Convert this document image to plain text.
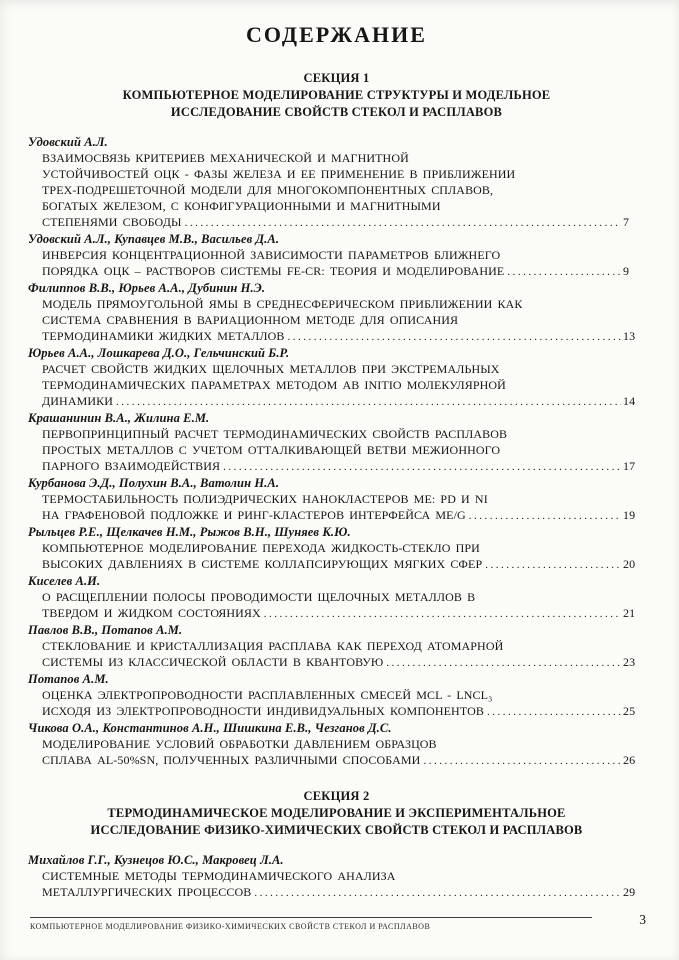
СОДЕРЖАНИЕ
СЕКЦИЯ 1
КОМПЬЮТЕРНОЕ МОДЕЛИРОВАНИЕ СТРУКТУРЫ И МОДЕЛЬНОЕ
ИССЛЕДОВАНИЕ СВОЙСТВ СТЕКОЛ И РАСПЛАВОВ
Удовский А.Л.
ВЗАИМОСВЯЗЬ КРИТЕРИЕВ МЕХАНИЧЕСКОЙ И МАГНИТНОЙ
УСТОЙЧИВОСТЕЙ ОЦК - ФАЗЫ ЖЕЛЕЗА И ЕЕ ПРИМЕНЕНИЕ В ПРИБЛИЖЕНИИ
ТРЕХ-ПОДРЕШЕТОЧНОЙ МОДЕЛИ ДЛЯ МНОГОКОМПОНЕНТНЫХ СПЛАВОВ,
БОГАТЫХ ЖЕЛЕЗОМ, С КОНФИГУРАЦИОННЫМИ И МАГНИТНЫМИ
СТЕПЕНЯМИ СВОБОДЫ .....	7
Удовский А.Л., Купавцев М.В., Васильев Д.А.
ИНВЕРСИЯ КОНЦЕНТРАЦИОННОЙ ЗАВИСИМОСТИ ПАРАМЕТРОВ БЛИЖНЕГО
ПОРЯДКА ОЦК – РАСТВОРОВ СИСТЕМЫ FE-CR: ТЕОРИЯ И МОДЕЛИРОВАНИЕ .....	9
Филиппов В.В., Юрьев А.А., Дубинин Н.Э.
МОДЕЛЬ ПРЯМОУГОЛЬНОЙ ЯМЫ В СРЕДНЕСФЕРИЧЕСКОМ ПРИБЛИЖЕНИИ КАК
СИСТЕМА СРАВНЕНИЯ В ВАРИАЦИОННОМ МЕТОДЕ ДЛЯ ОПИСАНИЯ
ТЕРМОДИНАМИКИ ЖИДКИХ МЕТАЛЛОВ .....	13
Юрьев А.А., Лошкарева Д.О., Гельчинский Б.Р.
РАСЧЕТ СВОЙСТВ ЖИДКИХ ЩЕЛОЧНЫХ МЕТАЛЛОВ ПРИ ЭКСТРЕМАЛЬНЫХ
ТЕРМОДИНАМИЧЕСКИХ ПАРАМЕТРАХ МЕТОДОМ AB INITIO МОЛЕКУЛЯРНОЙ
ДИНАМИКИ .....	14
Крашанинин В.А., Жилина Е.М.
ПЕРВОПРИНЦИПНЫЙ РАСЧЕТ ТЕРМОДИНАМИЧЕСКИХ СВОЙСТВ РАСПЛАВОВ
ПРОСТЫХ МЕТАЛЛОВ С УЧЕТОМ ОТТАЛКИВАЮЩЕЙ ВЕТВИ МЕЖИОННОГО
ПАРНОГО ВЗАИМОДЕЙСТВИЯ .....	17
Курбанова Э.Д., Полухин В.А., Ватолин Н.А.
ТЕРМОСТАБИЛЬНОСТЬ ПОЛИЭДРИЧЕСКИХ НАНОКЛАСТЕРОВ ME: PD И NI
НА ГРАФЕНОВОЙ ПОДЛОЖКЕ И РИНГ-КЛАСТЕРОВ ИНТЕРФЕЙСА ME/G .....	19
Рыльцев Р.Е., Щелкачев Н.М., Рыжов В.Н., Шуняев К.Ю.
КОМПЬЮТЕРНОЕ МОДЕЛИРОВАНИЕ ПЕРЕХОДА ЖИДКОСТЬ-СТЕКЛО ПРИ
ВЫСОКИХ ДАВЛЕНИЯХ В СИСТЕМЕ КОЛЛАПСИРУЮЩИХ МЯГКИХ СФЕР .....	20
Киселев А.И.
О РАСЩЕПЛЕНИИ ПОЛОСЫ ПРОВОДИМОСТИ ЩЕЛОЧНЫХ МЕТАЛЛОВ В
ТВЕРДОМ И ЖИДКОМ СОСТОЯНИЯХ .....	21
Павлов В.В., Потапов А.М.
СТЕКЛОВАНИЕ И КРИСТАЛЛИЗАЦИЯ РАСПЛАВА КАК ПЕРЕХОД АТОМАРНОЙ
СИСТЕМЫ ИЗ КЛАССИЧЕСКОЙ ОБЛАСТИ В КВАНТОВУЮ .....	23
Потапов А.М.
ОЦЕНКА ЭЛЕКТРОПРОВОДНОСТИ РАСПЛАВЛЕННЫХ СМЕСЕЙ MCL - LNCL₃
ИСХОДЯ ИЗ ЭЛЕКТРОПРОВОДНОСТИ ИНДИВИДУАЛЬНЫХ КОМПОНЕНТОВ .....	25
Чикова О.А., Константинов А.Н., Шишкина Е.В., Чезганов Д.С.
МОДЕЛИРОВАНИЕ УСЛОВИЙ ОБРАБОТКИ ДАВЛЕНИЕМ ОБРАЗЦОВ
СПЛАВА AL-50%SN, ПОЛУЧЕННЫХ РАЗЛИЧНЫМИ СПОСОБАМИ .....	26
СЕКЦИЯ 2
ТЕРМОДИНАМИЧЕСКОЕ МОДЕЛИРОВАНИЕ И ЭКСПЕРИМЕНТАЛЬНОЕ
ИССЛЕДОВАНИЕ ФИЗИКО-ХИМИЧЕСКИХ СВОЙСТВ СТЕКОЛ И РАСПЛАВОВ
Михайлов Г.Г., Кузнецов Ю.С., Макровец Л.А.
СИСТЕМНЫЕ МЕТОДЫ ТЕРМОДИНАМИЧЕСКОГО АНАЛИЗА
МЕТАЛЛУРГИЧЕСКИХ ПРОЦЕССОВ .....	29
КОМПЬЮТЕРНОЕ МОДЕЛИРОВАНИЕ ФИЗИКО-ХИМИЧЕСКИХ СВОЙСТВ СТЕКОЛ И РАСПЛАВОВ	3
